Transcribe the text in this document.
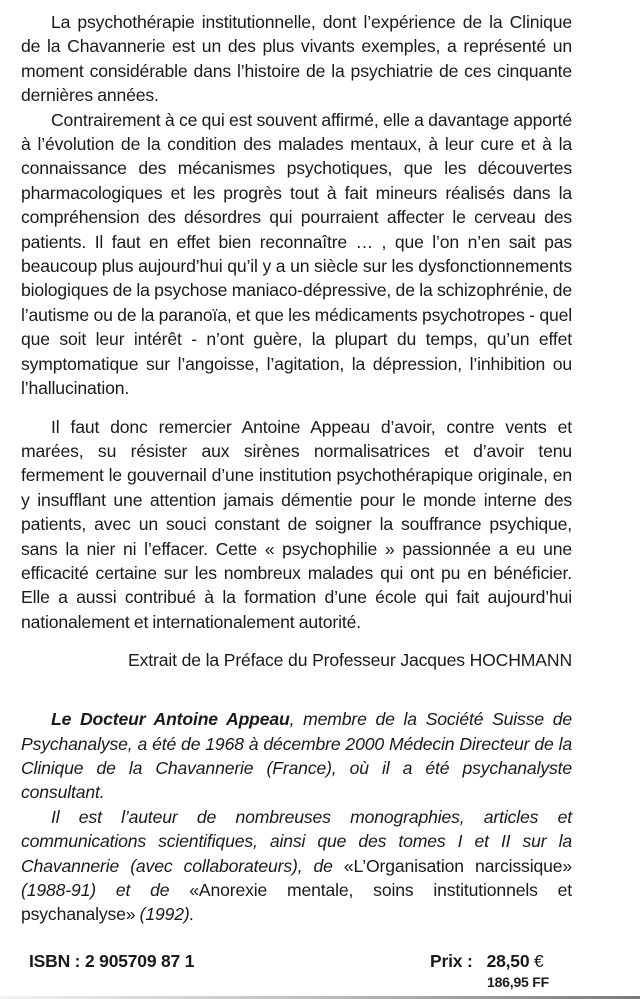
La psychothérapie institutionnelle, dont l’expérience de la Clinique de la Chavannerie est un des plus vivants exemples, a représenté un moment considérable dans l’histoire de la psychiatrie de ces cinquante dernières années.

Contrairement à ce qui est souvent affirmé, elle a davantage apporté à l’évolution de la condition des malades mentaux, à leur cure et à la connaissance des mécanismes psychotiques, que les découvertes pharmacologiques et les progrès tout à fait mineurs réalisés dans la compréhension des désordres qui pourraient affecter le cerveau des patients. Il faut en effet bien reconnaître … , que l’on n’en sait pas beaucoup plus aujourd’hui qu’il y a un siècle sur les dysfonctionnements biologiques de la psychose maniaco-dépressive, de la schizophrénie, de l’autisme ou de la paranoïa, et que les médicaments psychotropes - quel que soit leur intérêt - n’ont guère, la plupart du temps, qu’un effet symptomatique sur l’angoisse, l’agitation, la dépression, l’inhibition ou l’hallucination.

Il faut donc remercier Antoine Appeau d’avoir, contre vents et marées, su résister aux sirènes normalisatrices et d’avoir tenu fermement le gouvernail d’une institution psychothérapique originale, en y insufflant une attention jamais démentie pour le monde interne des patients, avec un souci constant de soigner la souffrance psychique, sans la nier ni l’effacer. Cette « psychophilie » passionnée a eu une efficacité certaine sur les nombreux malades qui ont pu en bénéficier. Elle a aussi contribué à la formation d’une école qui fait aujourd’hui nationalement et internationalement autorité.

Extrait de la Préface du Professeur Jacques HOCHMANN

Le Docteur Antoine Appeau, membre de la Société Suisse de Psychanalyse, a été de 1968 à décembre 2000 Médecin Directeur de la Clinique de la Chavannerie (France), où il a été psychanalyste consultant.

Il est l’auteur de nombreuses monographies, articles et communications scientifiques, ainsi que des tomes I et II sur la Chavannerie (avec collaborateurs), de «L’Organisation narcissique» (1988-91) et de «Anorexie mentale, soins institutionnels et psychanalyse» (1992).

ISBN : 2 905709 87 1	Prix : 28,50 €
186,95 FF
